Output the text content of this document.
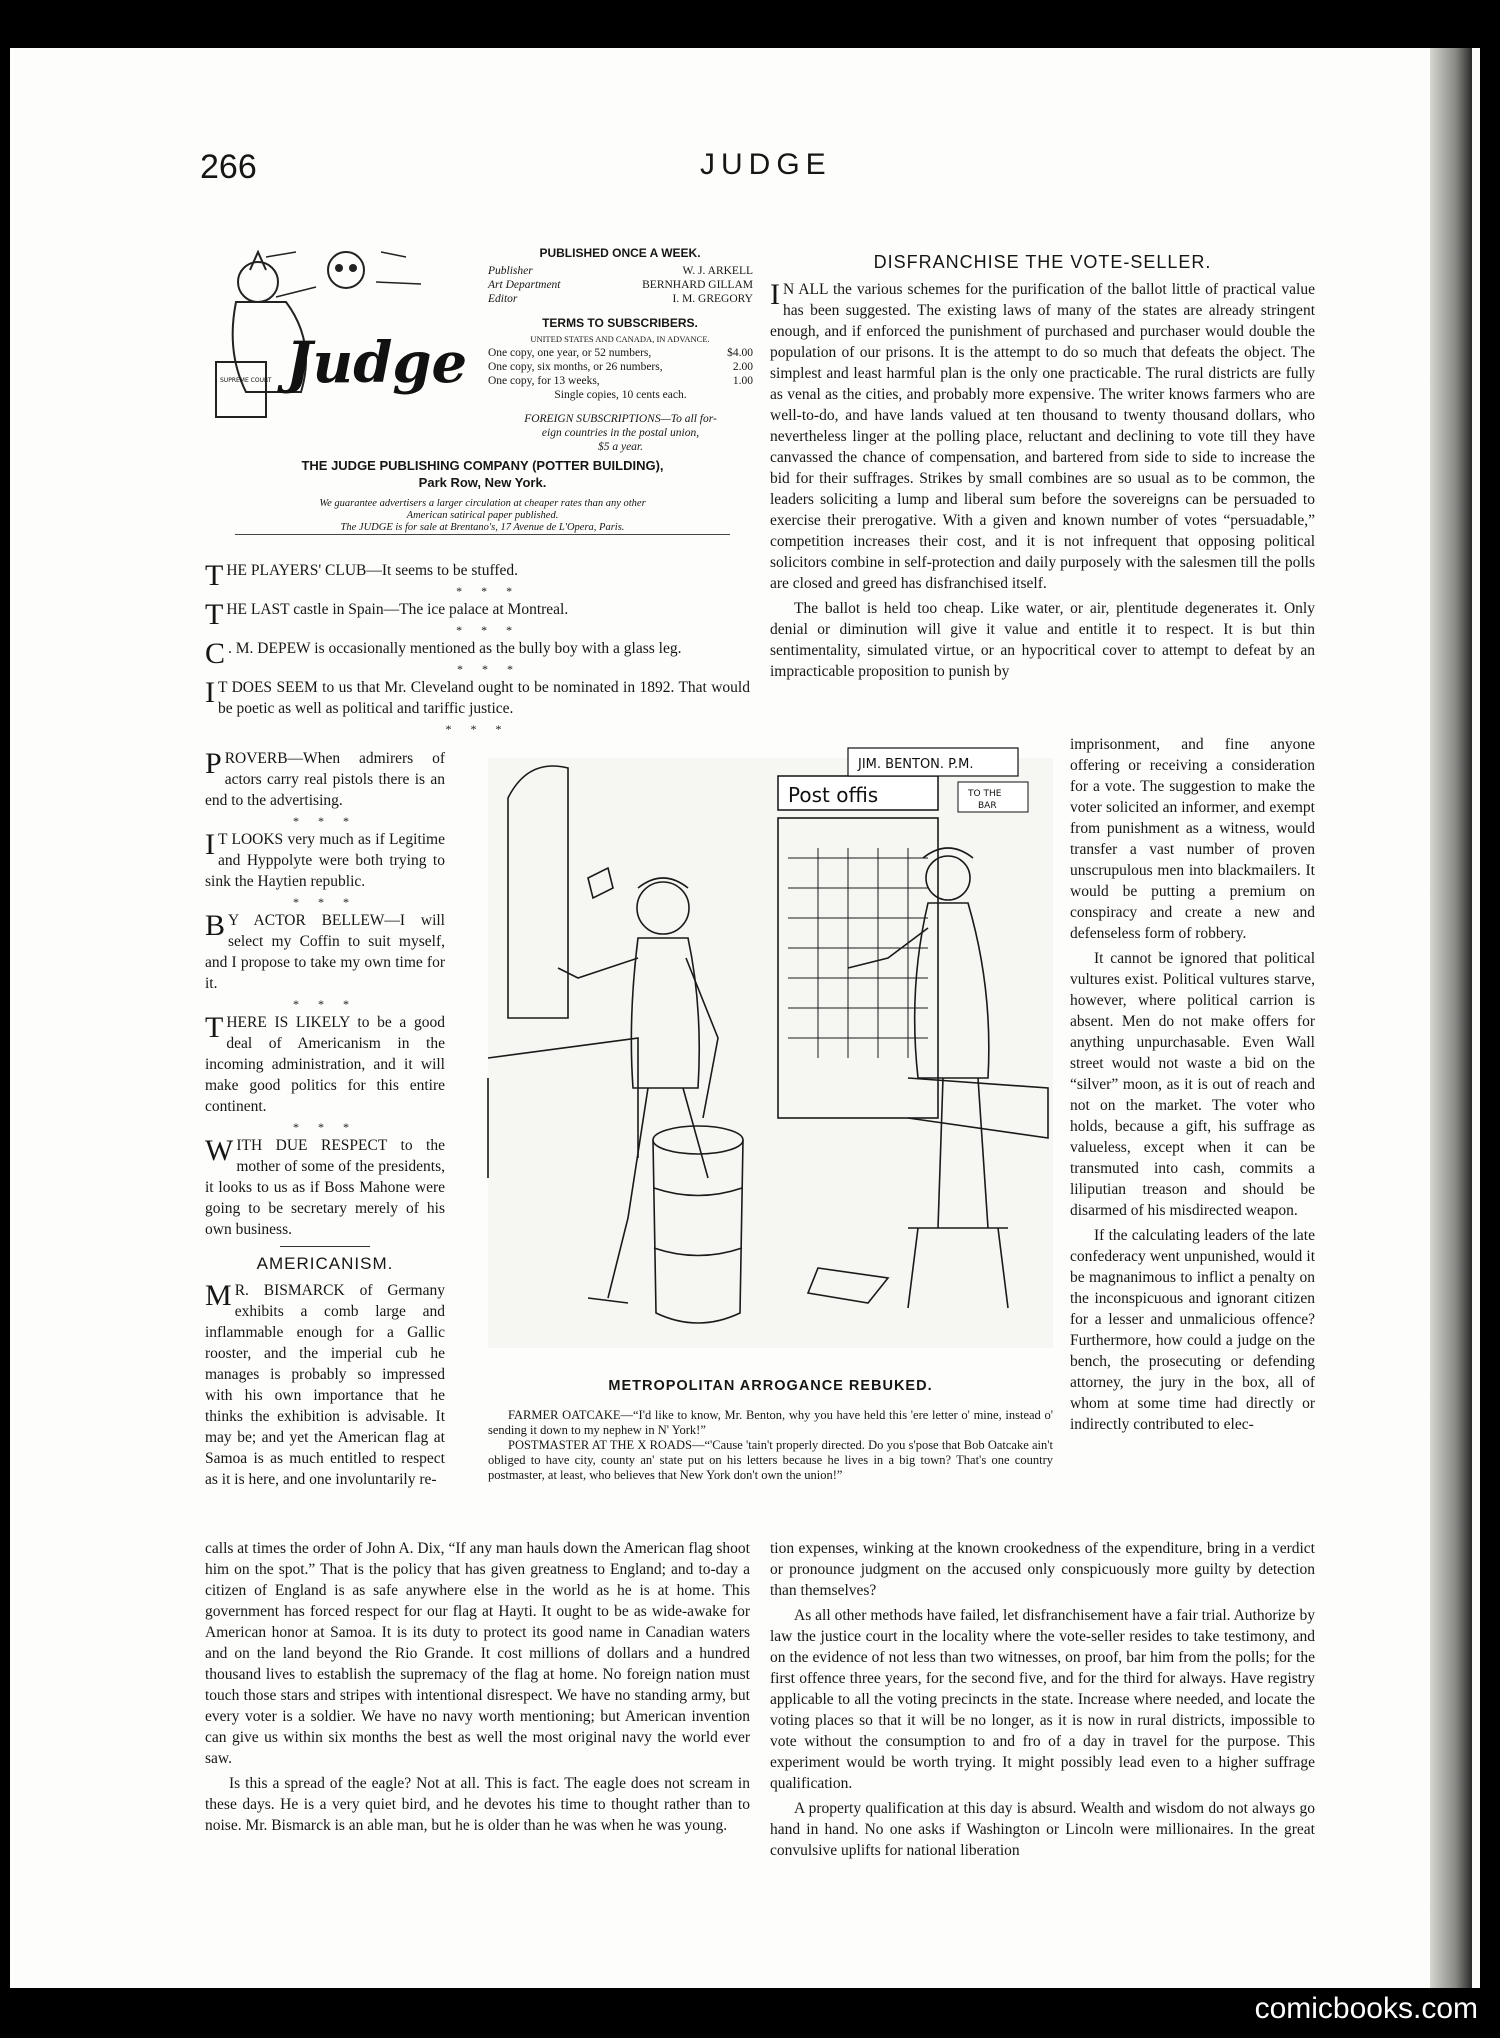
266	JUDGE
Judge
SUPREME COURT
PUBLISHED ONCE A WEEK.
Publisher	W. J. ARKELL
Art Department	BERNHARD GILLAM
Editor	I. M. GREGORY
TERMS TO SUBSCRIBERS.
UNITED STATES AND CANADA, IN ADVANCE.
One copy, one year, or 52 numbers,	$4.00
One copy, six months, or 26 numbers,	2.00
One copy, for 13 weeks,	1.00
Single copies, 10 cents each.
FOREIGN SUBSCRIPTIONS—To all for-
eign countries in the postal union,
$5 a year.
THE JUDGE PUBLISHING COMPANY (POTTER BUILDING),
Park Row, New York.
We guarantee advertisers a larger circulation at cheaper rates than any other
American satirical paper published.
The JUDGE is for sale at Brentano's, 17 Avenue de L'Opera, Paris.

THE PLAYERS' CLUB—It seems to be stuffed.

* * *

THE LAST castle in Spain—The ice palace at Montreal.

* * *

C . M. DEPEW is occasionally mentioned as the bully boy with a glass leg.

* * *

I T DOES SEEM to us that Mr. Cleveland ought to be nominated in 1892. That would be poetic as well as political and tariffic justice.

* * *

PROVERB—When admirers of actors carry real pistols there is an end to the advertising.

* * *

I T LOOKS very much as if Legitime and Hyppolyte were both trying to sink the Haytien republic.

* * *

B Y ACTOR BELLEW—I will select my Coffin to suit myself, and I propose to take my own time for it.

* * *

THERE IS LIKELY to be a good deal of Americanism in the incoming administration, and it will make good politics for this entire continent.

* * *

WITH DUE RESPECT to the mother of some of the presidents, it looks to us as if Boss Mahone were going to be secretary merely of his own business.

AMERICANISM.

M R. BISMARCK of Germany exhibits a comb large and inflammable enough for a Gallic rooster, and the imperial cub he manages is probably so impressed with his own importance that he thinks the exhibition is advisable. It may be; and yet the American flag at Samoa is as much entitled to respect as it is here, and one involuntarily re-

calls at times the order of John A. Dix, “If any man hauls down the American flag shoot him on the spot.” That is the policy that has given greatness to England; and to-day a citizen of England is as safe anywhere else in the world as he is at home. This government has forced respect for our flag at Hayti. It ought to be as wide-awake for American honor at Samoa. It is its duty to protect its good name in Canadian waters and on the land beyond the Rio Grande. It cost millions of dollars and a hundred thousand lives to establish the supremacy of the flag at home. No foreign nation must touch those stars and stripes with intentional disrespect. We have no standing army, but every voter is a soldier. We have no navy worth mentioning; but American invention can give us within six months the best as well the most original navy the world ever saw.

Is this a spread of the eagle? Not at all. This is fact. The eagle does not scream in these days. He is a very quiet bird, and he devotes his time to thought rather than to noise. Mr. Bismarck is an able man, but he is older than he was when he was young.

DISFRANCHISE THE VOTE-SELLER.

I N ALL the various schemes for the purification of the ballot little of practical value has been suggested. The existing laws of many of the states are already stringent enough, and if enforced the punishment of purchased and purchaser would double the population of our prisons. It is the attempt to do so much that defeats the object. The simplest and least harmful plan is the only one practicable. The rural districts are fully as venal as the cities, and probably more expensive. The writer knows farmers who are well-to-do, and have lands valued at ten thousand to twenty thousand dollars, who nevertheless linger at the polling place, reluctant and declining to vote till they have canvassed the chance of compensation, and bartered from side to side to increase the bid for their suffrages. Strikes by small combines are so usual as to be common, the leaders soliciting a lump and liberal sum before the sovereigns can be persuaded to exercise their prerogative. With a given and known number of votes “persuadable,” competition increases their cost, and it is not infrequent that opposing political solicitors combine in self-protection and daily purposely with the salesmen till the polls are closed and greed has disfranchised itself.

The ballot is held too cheap. Like water, or air, plentitude degenerates it. Only denial or diminution will give it value and entitle it to respect. It is but thin sentimentality, simulated virtue, or an hypocritical cover to attempt to defeat by an impracticable proposition to punish by

imprisonment, and fine anyone offering or receiving a consideration for a vote. The suggestion to make the voter solicited an informer, and exempt from punishment as a witness, would transfer a vast number of proven unscrupulous men into blackmailers. It would be putting a premium on conspiracy and create a new and defenseless form of robbery.

It cannot be ignored that political vultures exist. Political vultures starve, however, where political carrion is absent. Men do not make offers for anything unpurchasable. Even Wall street would not waste a bid on the “silver” moon, as it is out of reach and not on the market. The voter who holds, because a gift, his suffrage as valueless, except when it can be transmuted into cash, commits a liliputian treason and should be disarmed of his misdirected weapon.

If the calculating leaders of the late confederacy went unpunished, would it be magnanimous to inflict a penalty on the inconspicuous and ignorant citizen for a lesser and unmalicious offence? Furthermore, how could a judge on the bench, the prosecuting or defending attorney, the jury in the box, all of whom at some time had directly or indirectly contributed to elec-

tion expenses, winking at the known crookedness of the expenditure, bring in a verdict or pronounce judgment on the accused only conspicuously more guilty by detection than themselves?

As all other methods have failed, let disfranchisement have a fair trial. Authorize by law the justice court in the locality where the vote-seller resides to take testimony, and on the evidence of not less than two witnesses, on proof, bar him from the polls; for the first offence three years, for the second five, and for the third for always. Have registry applicable to all the voting precincts in the state. Increase where needed, and locate the voting places so that it will be no longer, as it is now in rural districts, impossible to vote without the consumption to and fro of a day in travel for the purpose. This experiment would be worth trying. It might possibly lead even to a higher suffrage qualification.

A property qualification at this day is absurd. Wealth and wisdom do not always go hand in hand. No one asks if Washington or Lincoln were millionaires. In the great convulsive uplifts for national liberation

Post offis
JIM. BENTON. P.M.
TO THE
BAR
METROPOLITAN ARROGANCE REBUKED.
FARMER OATCAKE—“I'd like to know, Mr. Benton, why you have held this 'ere letter o' mine, instead o' sending it down to my nephew in N' York!”
POSTMASTER AT THE X ROADS—“'Cause 'tain't properly directed. Do you s'pose that Bob Oatcake ain't obliged to have city, county an' state put on his letters because he lives in a big town? That's one country postmaster, at least, who believes that New York don't own the union!”
comicbooks.com
